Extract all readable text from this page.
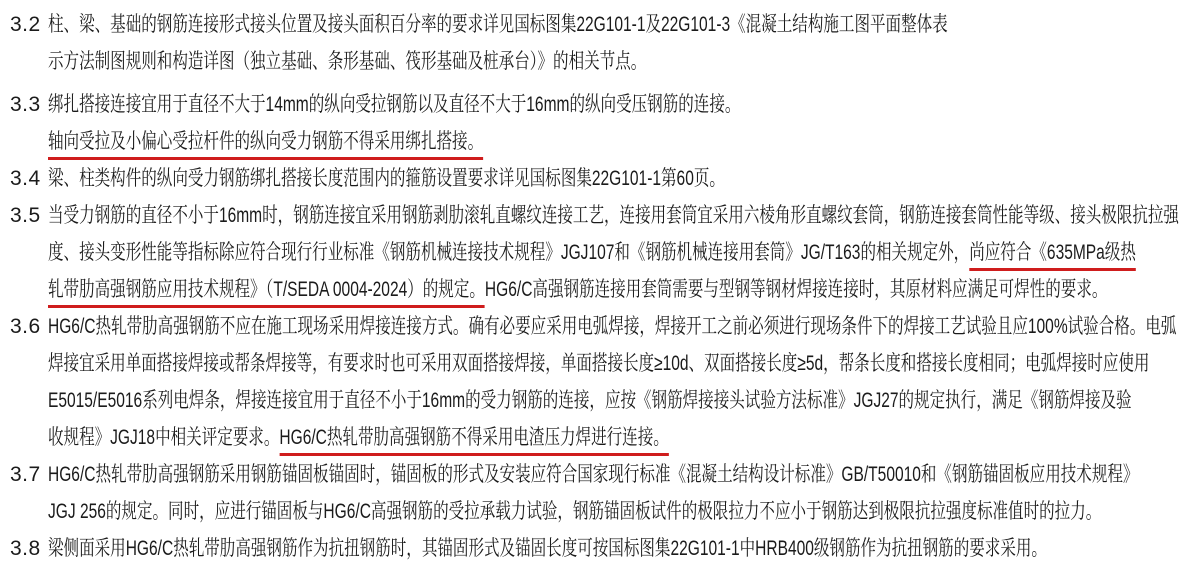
3.2 柱、梁、基础的钢筋连接形式接头位置及接头面积百分率的要求详见国标图集22G101-1及22G101-3《混凝土结构施工图平面整体表
示方法制图规则和构造详图（独立基础、条形基础、筏形基础及桩承台）》的相关节点。
3.3 绑扎搭接连接宜用于直径不大于14mm的纵向受拉钢筋以及直径不大于16mm的纵向受压钢筋的连接。
轴向受拉及小偏心受拉杆件的纵向受力钢筋不得采用绑扎搭接。
3.4 梁、柱类构件的纵向受力钢筋绑扎搭接长度范围内的箍筋设置要求详见国标图集22G101-1第60页。
3.5 当受力钢筋的直径不小于16mm时，钢筋连接宜采用钢筋剥肋滚轧直螺纹连接工艺，连接用套筒宜采用六棱角形直螺纹套筒，钢筋连接套筒性能等级、接头极限抗拉强
度、接头变形性能等指标除应符合现行行业标准《钢筋机械连接技术规程》JGJ107和《钢筋机械连接用套筒》JG/T163的相关规定外，尚应符合《635MPa级热
轧带肋高强钢筋应用技术规程》（T/SEDA 0004-2024）的规定。HG6/C高强钢筋连接用套筒需要与型钢等钢材焊接连接时，其原材料应满足可焊性的要求。
3.6 HG6/C热轧带肋高强钢筋不应在施工现场采用焊接连接方式。确有必要应采用电弧焊接，焊接开工之前必须进行现场条件下的焊接工艺试验且应100%试验合格。电弧
焊接宜采用单面搭接焊接或帮条焊接等，有要求时也可采用双面搭接焊接，单面搭接长度≥10d、双面搭接长度≥5d，帮条长度和搭接长度相同；电弧焊接时应使用
E5015/E5016系列电焊条，焊接连接宜用于直径不小于16mm的受力钢筋的连接，应按《钢筋焊接接头试验方法标准》JGJ27的规定执行，满足《钢筋焊接及验
收规程》JGJ18中相关评定要求。HG6/C热轧带肋高强钢筋不得采用电渣压力焊进行连接。
3.7 HG6/C热轧带肋高强钢筋采用钢筋锚固板锚固时，锚固板的形式及安装应符合国家现行标准《混凝土结构设计标准》GB/T50010和《钢筋锚固板应用技术规程》
JGJ 256的规定。同时，应进行锚固板与HG6/C高强钢筋的受拉承载力试验，钢筋锚固板试件的极限拉力不应小于钢筋达到极限抗拉强度标准值时的拉力。
3.8 梁侧面采用HG6/C热轧带肋高强钢筋作为抗扭钢筋时，其锚固形式及锚固长度可按国标图集22G101-1中HRB400级钢筋作为抗扭钢筋的要求采用。
